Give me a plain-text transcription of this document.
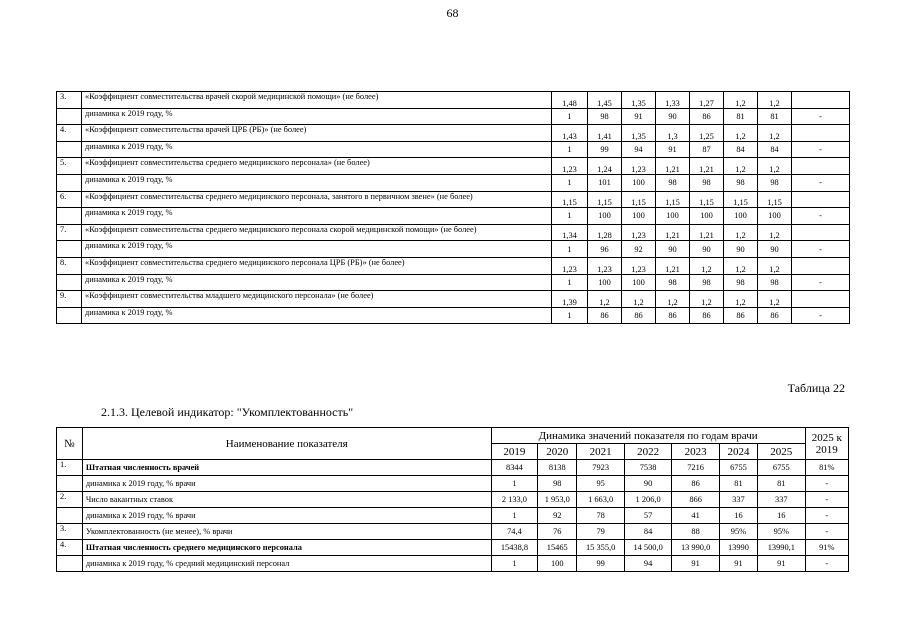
68
3.	«Коэффициент совместительства врачей скорой медицинской помощи» (не более)	1,48	1,45	1,35	1,33	1,27	1,2	1,2	
	динамика к 2019 году, %	1	98	91	90	86	81	81	-
4.	«Коэффициент совместительства врачей ЦРБ (РБ)» (не более)	1,43	1,41	1,35	1,3	1,25	1,2	1,2	
	динамика к 2019 году, %	1	99	94	91	87	84	84	-
5.	«Коэффициент совместительства среднего медицинского персонала» (не более)	1,23	1,24	1,23	1,21	1,21	1,2	1,2	
	динамика к 2019 году, %	1	101	100	98	98	98	98	-
6.	«Коэффициент совместительства среднего медицинского персонала, занятого в первичном звене» (не более)	1,15	1,15	1,15	1,15	1,15	1,15	1,15	
	динамика к 2019 году, %	1	100	100	100	100	100	100	-
7.	«Коэффициент совместительства среднего медицинского персонала скорой медицинской помощи» (не более)	1,34	1,28	1,23	1,21	1,21	1,2	1,2	
	динамика к 2019 году, %	1	96	92	90	90	90	90	-
8.	«Коэффициент совместительства среднего медицинского персонала ЦРБ (РБ)» (не более)	1,23	1,23	1,23	1,21	1,2	1,2	1,2	
	динамика к 2019 году, %	1	100	100	98	98	98	98	-
9.	«Коэффициент совместительства младшего медицинского персонала» (не более)	1,39	1,2	1,2	1,2	1,2	1,2	1,2	
	динамика к 2019 году, %	1	86	86	86	86	86	86	-
Таблица 22
2.1.3. Целевой индикатор: "Укомплектованность"
№	Наименование показателя	Динамика значений показателя по годам врачи							2025 к 2019
		2019	2020	2021	2022	2023	2024	2025	
1.	Штатная численность врачей	8344	8138	7923	7538	7216	6755	6755	81%
	динамика к 2019 году, % врачи	1	98	95	90	86	81	81	-
2.	Число вакантных ставок	2 133,0	1 953,0	1 663,0	1 206,0	866	337	337	-
	динамика к 2019 году, % врачи	1	92	78	57	41	16	16	-
3.	Укомплектованность (не менее), % врачи	74,4	76	79	84	88	95%	95%	-
4.	Штатная численность среднего медицинского персонала	15438,8	15465	15 355,0	14 500,0	13 990,0	13990	13990,1	91%
	динамика к 2019 году, % средний медицинский персонал	1	100	99	94	91	91	91	-
